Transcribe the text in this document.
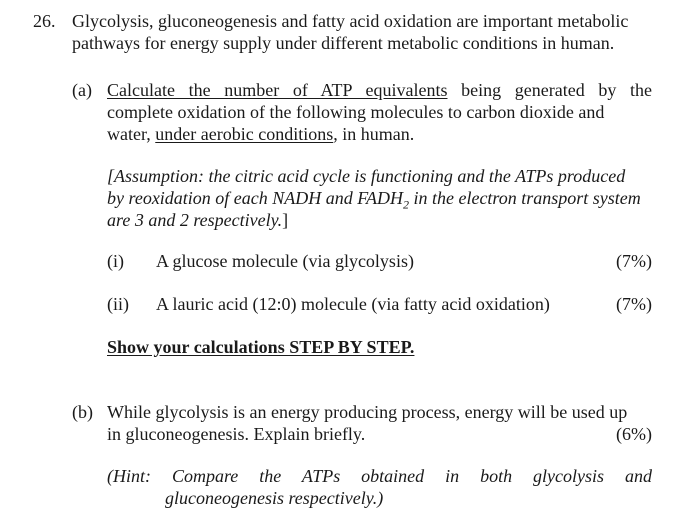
26. Glycolysis, gluconeogenesis and fatty acid oxidation are important metabolic
pathways for energy supply under different metabolic conditions in human.
(a) Calculate the number of ATP equivalents being generated by the
complete oxidation of the following molecules to carbon dioxide and
water, under aerobic conditions, in human.
[Assumption: the citric acid cycle is functioning and the ATPs produced
by reoxidation of each NADH and $FADH_2$ in the electron transport system
are 3 and 2 respectively.]
(i) A glucose molecule (via glycolysis)	(7%)
(ii) A lauric acid (12:0) molecule (via fatty acid oxidation)	(7%)
Show your calculations STEP BY STEP.
(b) While glycolysis is an energy producing process, energy will be used up
in gluconeogenesis. Explain briefly.	(6%)
(Hint: Compare the ATPs obtained in both glycolysis and
gluconeogenesis respectively.)
